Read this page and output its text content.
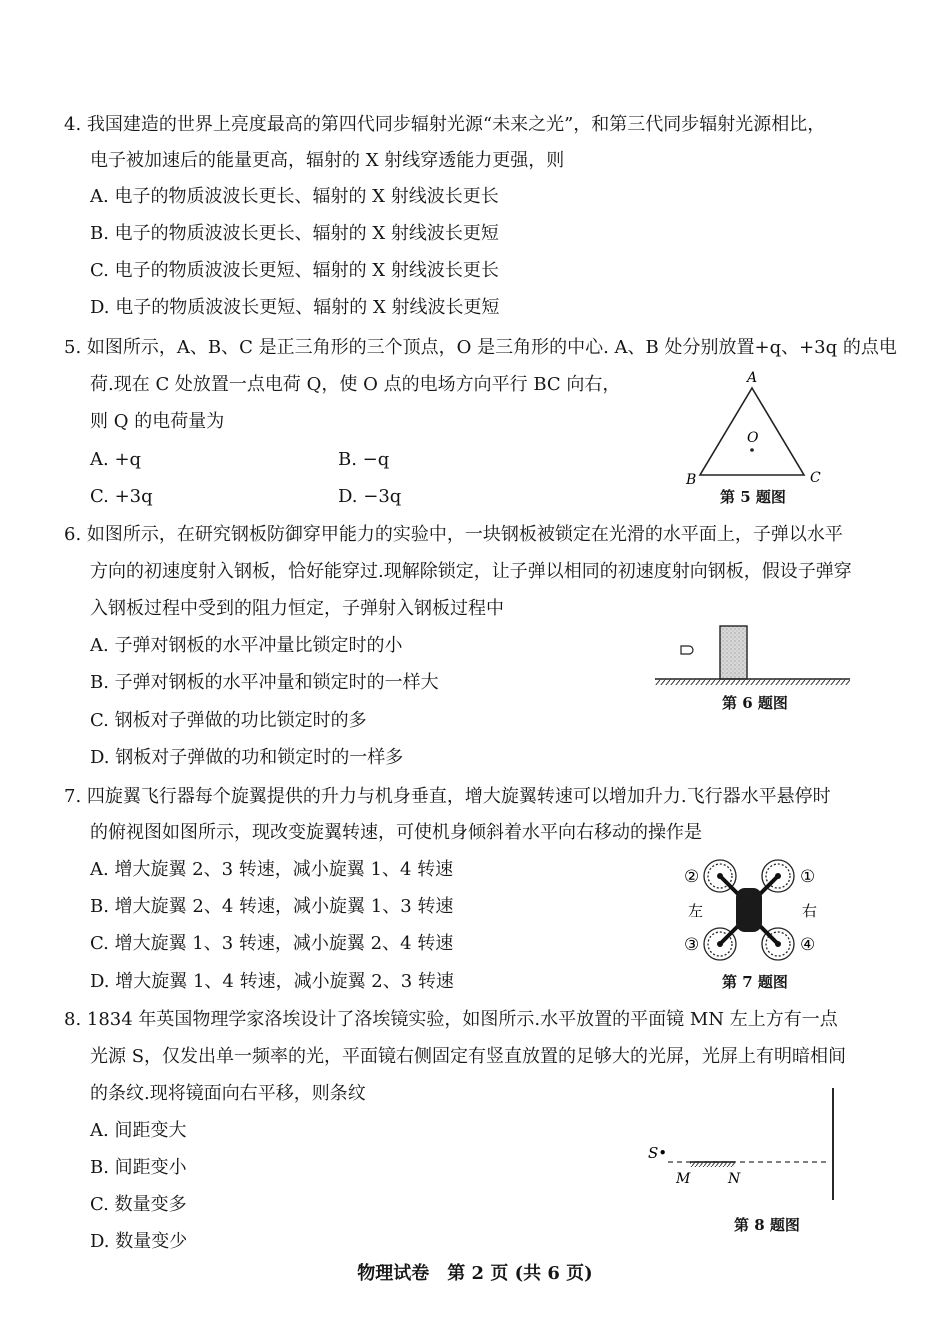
4. 我国建造的世界上亮度最高的第四代同步辐射光源“未来之光”，和第三代同步辐射光源相比，
电子被加速后的能量更高，辐射的 X 射线穿透能力更强，则
A. 电子的物质波波长更长、辐射的 X 射线波长更长
B. 电子的物质波波长更长、辐射的 X 射线波长更短
C. 电子的物质波波长更短、辐射的 X 射线波长更长
D. 电子的物质波波长更短、辐射的 X 射线波长更短
5. 如图所示，A、B、C 是正三角形的三个顶点，O 是三角形的中心. A、B 处分别放置+q、+3q 的点电
荷.现在 C 处放置一点电荷 Q，使 O 点的电场方向平行 BC 向右，
则 Q 的电荷量为
A. +q	B. −q
C. +3q	D. −3q
A
B	C
O
第 5 题图
6. 如图所示，在研究钢板防御穿甲能力的实验中，一块钢板被锁定在光滑的水平面上，子弹以水平
方向的初速度射入钢板，恰好能穿过.现解除锁定，让子弹以相同的初速度射向钢板，假设子弹穿
入钢板过程中受到的阻力恒定，子弹射入钢板过程中
A. 子弹对钢板的水平冲量比锁定时的小
B. 子弹对钢板的水平冲量和锁定时的一样大
C. 钢板对子弹做的功比锁定时的多
D. 钢板对子弹做的功和锁定时的一样多
第 6 题图
7. 四旋翼飞行器每个旋翼提供的升力与机身垂直，增大旋翼转速可以增加升力.飞行器水平悬停时
的俯视图如图所示，现改变旋翼转速，可使机身倾斜着水平向右移动的操作是
A. 增大旋翼 2、3 转速，减小旋翼 1、4 转速
B. 增大旋翼 2、4 转速，减小旋翼 1、3 转速
C. 增大旋翼 1、3 转速，减小旋翼 2、4 转速
D. 增大旋翼 1、4 转速，减小旋翼 2、3 转速
②	①
③	④
左	右
第 7 题图
8. 1834 年英国物理学家洛埃设计了洛埃镜实验，如图所示.水平放置的平面镜 MN 左上方有一点
光源 S，仅发出单一频率的光，平面镜右侧固定有竖直放置的足够大的光屏，光屏上有明暗相间
的条纹.现将镜面向右平移，则条纹
A. 间距变大
B. 间距变小
C. 数量变多
D. 数量变少
S•
M	N
第 8 题图
物理试卷　第 2 页 (共 6 页)
